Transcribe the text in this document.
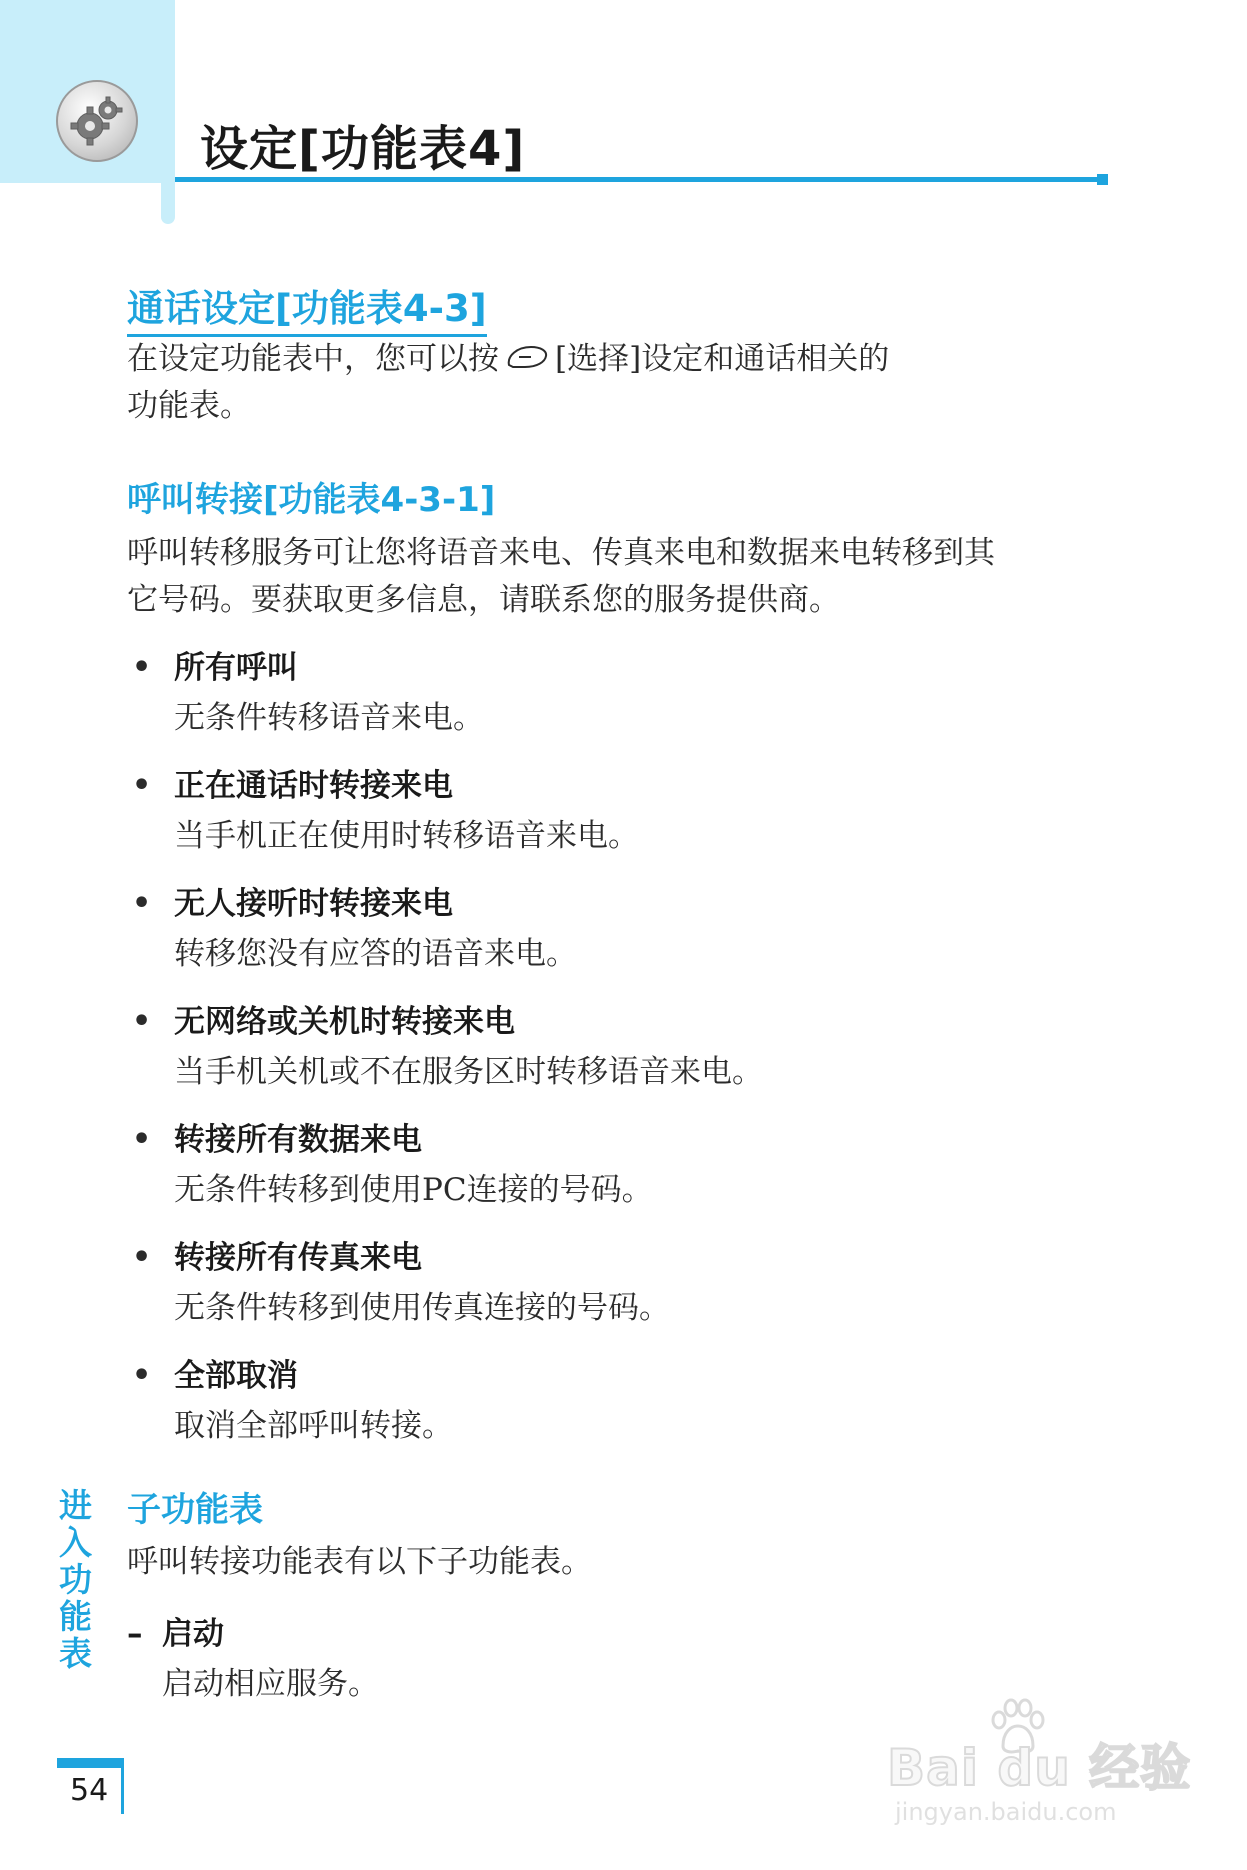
设定[功能表4]
通话设定[功能表4-3]

在设定功能表中，您可以按 [选择]设定和通话相关的

功能表。

呼叫转接[功能表4-3-1]

呼叫转移服务可让您将语音来电、传真来电和数据来电转移到其

它号码。要获取更多信息，请联系您的服务提供商。

• 所有呼叫
无条件转移语音来电。
• 正在通话时转接来电
当手机正在使用时转移语音来电。
• 无人接听时转接来电
转移您没有应答的语音来电。
• 无网络或关机时转接来电
当手机关机或不在服务区时转移语音来电。
• 转接所有数据来电
无条件转移到使用PC连接的号码。
• 转接所有传真来电
无条件转移到使用传真连接的号码。
• 全部取消
取消全部呼叫转接。
子功能表

呼叫转接功能表有以下子功能表。

– 启动
启动相应服务。
进入功能表

54	Bai du 经验
jingyan.baidu.com
